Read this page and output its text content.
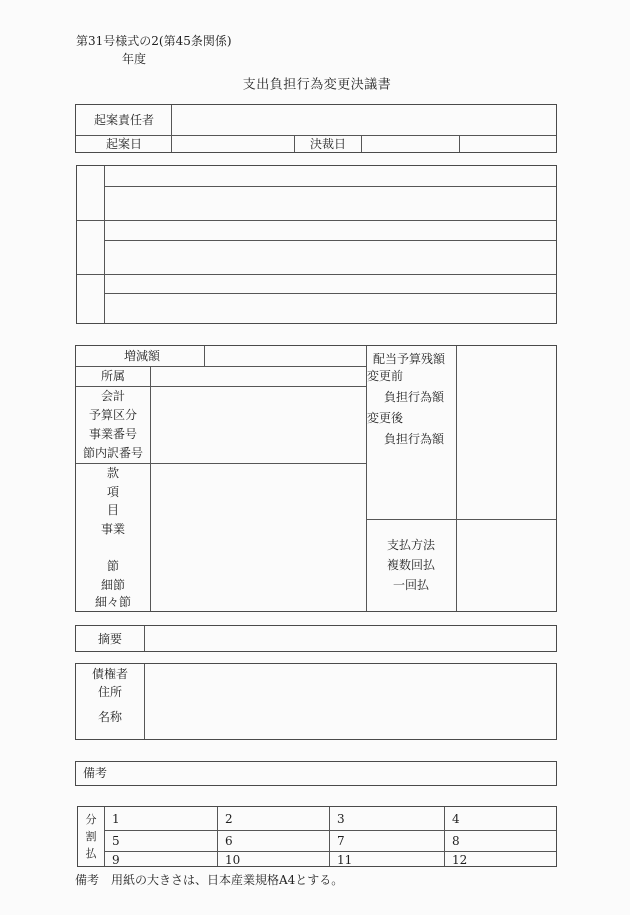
第31号様式の2(第45条関係)
年度
支出負担行為変更決議書
起案責任者
起案日	決裁日
増減額
所属
会計
予算区分
事業番号
節内訳番号
款
項
目
事業
節
細節
細々節
配当予算残額
変更前
負担行為額
変更後
負担行為額
支払方法
複数回払
一回払
摘要
債権者
住所
名称
備考
分
割
払
1	2	3	4
5	6	7	8
9	10	11	12
備考　用紙の大きさは、日本産業規格A4とする。
